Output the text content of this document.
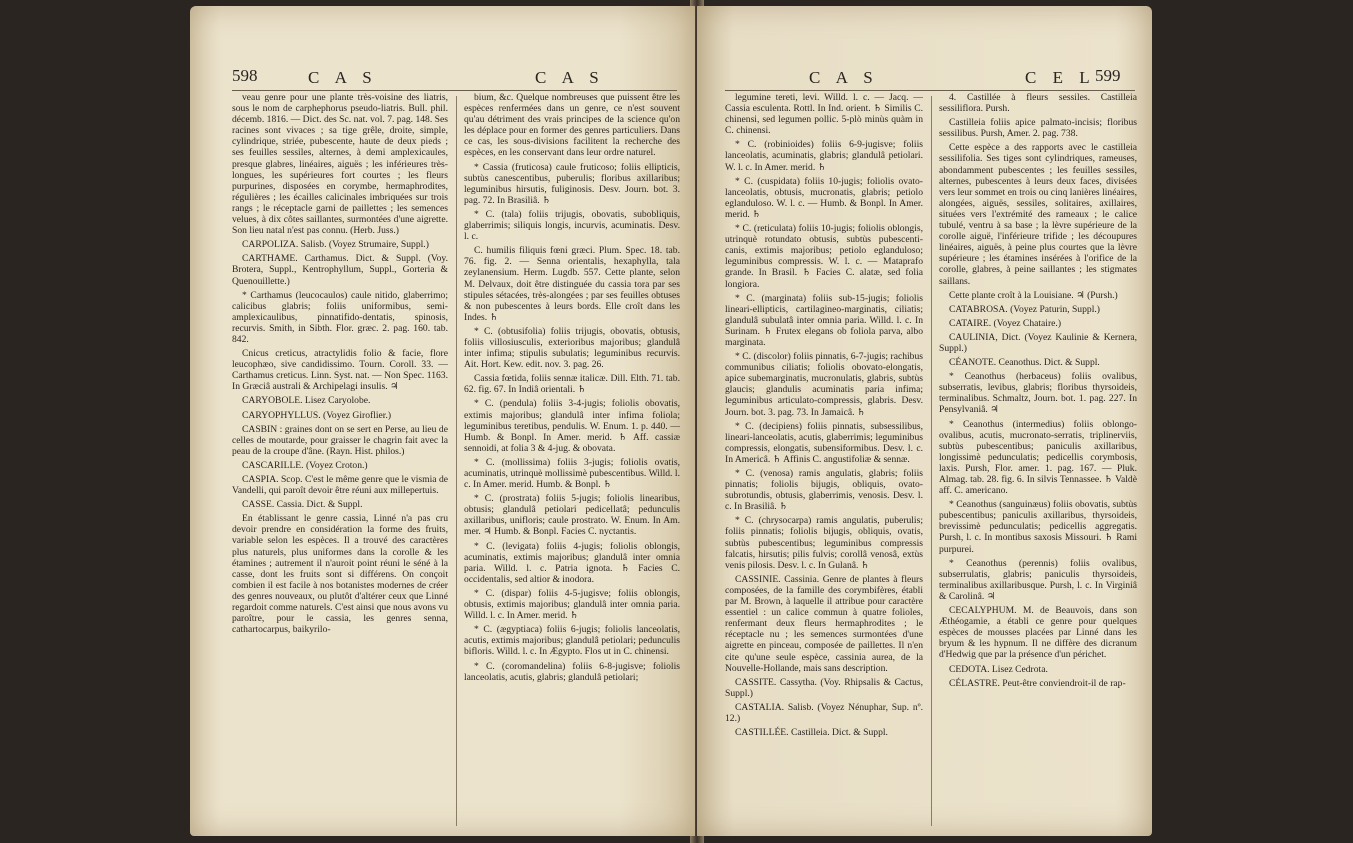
598	C A S	C A S

veau genre pour une plante très-voisine des liatris, sous le nom de carphephorus pseudo-liatris. Bull. phil. décemb. 1816. — Dict. des Sc. nat. vol. 7. pag. 148. Ses racines sont vivaces ; sa tige grêle, droite, simple, cylindrique, striée, pubescente, haute de deux pieds ; ses feuilles sessiles, alternes, à demi amplexicaules, presque glabres, linéaires, aiguës ; les inférieures très-longues, les supérieures fort courtes ; les fleurs purpurines, disposées en corymbe, hermaphrodites, régulières ; les écailles calicinales imbriquées sur trois rangs ; le réceptacle garni de paillettes ; les semences velues, à dix côtes saillantes, surmontées d'une aigrette. Son lieu natal n'est pas connu. (Herb. Juss.)

CARPOLIZA. Salisb. (Voyez Strumaire, Suppl.)

CARTHAME. Carthamus. Dict. & Suppl. (Voy. Brotera, Suppl., Kentrophyllum, Suppl., Gorteria & Quenouillette.)

* Carthamus (leucocaulos) caule nitido, glaberrimo; calicibus glabris; foliis uniformibus, semi-amplexicaulibus, pinnatifido-dentatis, spinosis, recurvis. Smith, in Sibth. Flor. græc. 2. pag. 160. tab. 842.

Cnicus creticus, atractylidis folio & facie, flore leucophæo, sive candidissimo. Tourn. Coroll. 33. — Carthamus creticus. Linn. Syst. nat. — Non Spec. 1163. In Græciâ australi & Archipelagi insulis. ♃

CARYOBOLE. Lisez Caryolobe.

CARYOPHYLLUS. (Voyez Giroflier.)

CASBIN : graines dont on se sert en Perse, au lieu de celles de moutarde, pour graisser le chagrin fait avec la peau de la croupe d'âne. (Rayn. Hist. philos.)

CASCARILLE. (Voyez Croton.)

CASPIA. Scop. C'est le même genre que le vismia de Vandelli, qui paroît devoir être réuni aux millepertuis.

CASSE. Cassia. Dict. & Suppl.

En établissant le genre cassia, Linné n'a pas cru devoir prendre en considération la forme des fruits, variable selon les espèces. Il a trouvé des caractères plus naturels, plus uniformes dans la corolle & les étamines ; autrement il n'auroit point réuni le séné à la casse, dont les fruits sont si différens. On conçoit combien il est facile à nos botanistes modernes de créer des genres nouveaux, ou plutôt d'altérer ceux que Linné regardoit comme naturels. C'est ainsi que nous avons vu paroître, pour le cassia, les genres senna, cathartocarpus, baikyrilo-

bium, &c. Quelque nombreuses que puissent être les espèces renfermées dans un genre, ce n'est souvent qu'au détriment des vrais principes de la science qu'on les déplace pour en former des genres particuliers. Dans ce cas, les sous-divisions facilitent la recherche des espèces, en les conservant dans leur ordre naturel.

* Cassia (fruticosa) caule fruticoso; foliis ellipticis, subtùs canescentibus, puberulis; floribus axillaribus; leguminibus hirsutis, fuliginosis. Desv. Journ. bot. 3. pag. 72. In Brasiliâ. ♄

* C. (tala) foliis trijugis, obovatis, subobliquis, glaberrimis; siliquis longis, incurvis, acuminatis. Desv. l. c.

C. humilis filiquis fœni græci. Plum. Spec. 18. tab. 76. fig. 2. — Senna orientalis, hexaphylla, tala zeylanensium. Herm. Lugdb. 557. Cette plante, selon M. Delvaux, doit être distinguée du cassia tora par ses stipules sétacées, très-alongées ; par ses feuilles obtuses & non pubescentes à leurs bords. Elle croît dans les Indes. ♄

* C. (obtusifolia) foliis trijugis, obovatis, obtusis, foliis villosiusculis, exterioribus majoribus; glandulâ inter infima; stipulis subulatis; leguminibus recurvis. Ait. Hort. Kew. edit. nov. 3. pag. 26.

Cassia fœtida, foliis sennæ italicæ. Dill. Elth. 71. tab. 62. fig. 67. In Indiâ orientali. ♄

* C. (pendula) foliis 3-4-jugis; foliolis obovatis, extimis majoribus; glandulâ inter infima foliola; leguminibus teretibus, pendulis. W. Enum. 1. p. 440. — Humb. & Bonpl. In Amer. merid. ♄ Aff. cassiæ sennoidi, at folia 3 & 4-jug. & obovata.

* C. (mollissima) foliis 3-jugis; foliolis ovatis, acuminatis, utrinquè mollissimè pubescentibus. Willd. l. c. In Amer. merid. Humb. & Bonpl. ♄

* C. (prostrata) foliis 5-jugis; foliolis linearibus, obtusis; glandulâ petiolari pedicellatâ; pedunculis axillaribus, unifloris; caule prostrato. W. Enum. In Am. mer. ♃ Humb. & Bonpl. Facies C. nyctantis.

* C. (levigata) foliis 4-jugis; foliolis oblongis, acuminatis, extimis majoribus; glandulâ inter omnia paria. Willd. l. c. Patria ignota. ♄ Facies C. occidentalis, sed altior & inodora.

* C. (dispar) foliis 4-5-jugisve; foliis oblongis, obtusis, extimis majoribus; glandulâ inter omnia paria. Willd. l. c. In Amer. merid. ♄

* C. (ægyptiaca) foliis 6-jugis; foliolis lanceolatis, acutis, extimis majoribus; glandulâ petiolari; pedunculis bifloris. Willd. l. c. In Ægypto. Flos ut in C. chinensi.

* C. (coromandelina) foliis 6-8-jugisve; foliolis lanceolatis, acutis, glabris; glandulâ petiolari;

C A S	C E L 599

legumine tereti, levi. Willd. l. c. — Jacq. — Cassia esculenta. Rottl. In Ind. orient. ♄ Similis C. chinensi, sed legumen pollic. 5-plò minùs quàm in C. chinensi.

* C. (robinioides) foliis 6-9-jugisve; foliis lanceolatis, acuminatis, glabris; glandulâ petiolari. W. l. c. In Amer. merid. ♄

* C. (cuspidata) foliis 10-jugis; foliolis ovato-lanceolatis, obtusis, mucronatis, glabris; petiolo eglanduloso. W. l. c. — Humb. & Bonpl. In Amer. merid. ♄

* C. (reticulata) foliis 10-jugis; foliolis oblongis, utrinquè rotundato obtusis, subtùs pubescenti-canis, extimis majoribus; petiolo eglanduloso; leguminibus compressis. W. l. c. — Mataprafo grande. In Brasil. ♄ Facies C. alatæ, sed folia longiora.

* C. (marginata) foliis sub-15-jugis; foliolis lineari-ellipticis, cartilagineo-marginatis, ciliatis; glandulâ subulatâ inter omnia paria. Willd. l. c. In Surinam. ♄ Frutex elegans ob foliola parva, albo marginata.

* C. (discolor) foliis pinnatis, 6-7-jugis; rachibus communibus ciliatis; foliolis obovato-elongatis, apice subemarginatis, mucronulatis, glabris, subtùs glaucis; glandulis acuminatis paria infima; leguminibus articulato-compressis, glabris. Desv. Journ. bot. 3. pag. 73. In Jamaicâ. ♄

* C. (decipiens) foliis pinnatis, subsessilibus, lineari-lanceolatis, acutis, glaberrimis; leguminibus compressis, elongatis, subensiformibus. Desv. l. c. In Americâ. ♄ Affinis C. angustifoliæ & sennæ.

* C. (venosa) ramis angulatis, glabris; foliis pinnatis; foliolis bijugis, obliquis, ovato-subrotundis, obtusis, glaberrimis, venosis. Desv. l. c. In Brasiliâ. ♄

* C. (chrysocarpa) ramis angulatis, puberulis; foliis pinnatis; foliolis bijugis, obliquis, ovatis, subtùs pubescentibus; leguminibus compressis falcatis, hirsutis; pilis fulvis; corollâ venosâ, extùs venis pilosis. Desv. l. c. In Gulanâ. ♄

CASSINIE. Cassinia. Genre de plantes à fleurs composées, de la famille des corymbifères, établi par M. Brown, à laquelle il attribue pour caractère essentiel : un calice commun à quatre folioles, renfermant deux fleurs hermaphrodites ; le réceptacle nu ; les semences surmontées d'une aigrette en pinceau, composée de paillettes. Il n'en cite qu'une seule espèce, cassinia aurea, de la Nouvelle-Hollande, mais sans description.

CASSITE. Cassytha. (Voy. Rhipsalis & Cactus, Suppl.)

CASTALIA. Salisb. (Voyez Nénuphar, Sup. nº. 12.)

CASTILLÉE. Castilleia. Dict. & Suppl.

4. Castillée à fleurs sessiles. Castilleia sessiliflora. Pursh.

Castilleia foliis apice palmato-incisis; floribus sessilibus. Pursh, Amer. 2. pag. 738.

Cette espèce a des rapports avec le castilleia sessilifolia. Ses tiges sont cylindriques, rameuses, abondamment pubescentes ; les feuilles sessiles, alternes, pubescentes à leurs deux faces, divisées vers leur sommet en trois ou cinq lanières linéaires, alongées, aiguës, sessiles, solitaires, axillaires, situées vers l'extrémité des rameaux ; le calice tubulé, ventru à sa base ; la lèvre supérieure de la corolle aiguë, l'inférieure trifide ; les découpures linéaires, aiguës, à peine plus courtes que la lèvre supérieure ; les étamines insérées à l'orifice de la corolle, glabres, à peine saillantes ; les stigmates saillans.

Cette plante croît à la Louisiane. ♃ (Pursh.)

CATABROSA. (Voyez Paturin, Suppl.)

CATAIRE. (Voyez Chataire.)

CAULINIA, Dict. (Voyez Kaulinie & Kernera, Suppl.)

CÉANOTE. Ceanothus. Dict. & Suppl.

* Ceanothus (herbaceus) foliis ovalibus, subserratis, levibus, glabris; floribus thyrsoideis, terminalibus. Schmaltz, Journ. bot. 1. pag. 227. In Pensylvaniâ. ♃

* Ceanothus (intermedius) foliis oblongo-ovalibus, acutis, mucronato-serratis, triplinerviis, subtùs pubescentibus; paniculis axillaribus, longissimè pedunculatis; pedicellis corymbosis, laxis. Pursh, Flor. amer. 1. pag. 167. — Pluk. Almag. tab. 28. fig. 6. In silvis Tennassee. ♄ Valdè aff. C. americano.

* Ceanothus (sanguinæus) foliis obovatis, subtùs pubescentibus; paniculis axillaribus, thyrsoideis, brevissimè pedunculatis; pedicellis aggregatis. Pursh, l. c. In montibus saxosis Missouri. ♄ Rami purpurei.

* Ceanothus (perennis) foliis ovalibus, subserrulatis, glabris; paniculis thyrsoideis, terminalibus axillaribusque. Pursh, l. c. In Virginiâ & Carolinâ. ♃

CECALYPHUM. M. de Beauvois, dans son Æthéogamie, a établi ce genre pour quelques espèces de mousses placées par Linné dans les bryum & les hypnum. Il ne diffère des dicranum d'Hedwig que par la présence d'un périchet.

CEDOTA. Lisez Cedrota.

CÉLASTRE. Peut-être conviendroit-il de rap-
